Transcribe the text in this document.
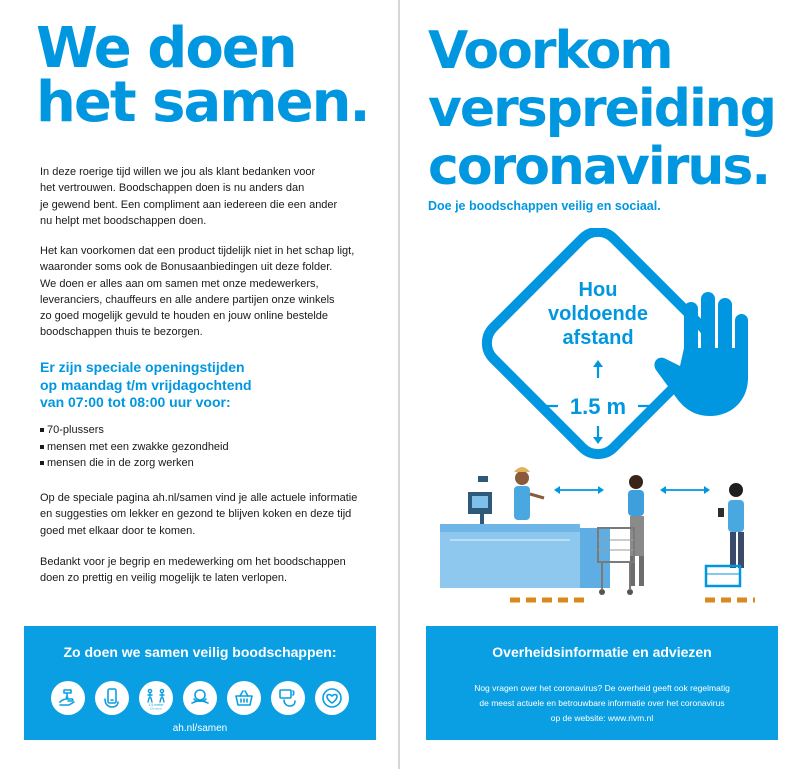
We doen
het samen.
In deze roerige tijd willen we jou als klant bedanken voor
het vertrouwen. Boodschappen doen is nu anders dan
je gewend bent. Een compliment aan iedereen die een ander
nu helpt met boodschappen doen.
Het kan voorkomen dat een product tijdelijk niet in het schap ligt,
waaronder soms ook de Bonusaanbiedingen uit deze folder.
We doen er alles aan om samen met onze medewerkers,
leveranciers, chauffeurs en alle andere partijen onze winkels
zo goed mogelijk gevuld te houden en jouw online bestelde
boodschappen thuis te bezorgen.
Er zijn speciale openingstijden
op maandag t/m vrijdagochtend
van 07:00 tot 08:00 uur voor:
70-plussers
mensen met een zwakke gezondheid
mensen die in de zorg werken
Op de speciale pagina ah.nl/samen vind je alle actuele informatie
en suggesties om lekker en gezond te blijven koken en deze tijd
goed met elkaar door te komen.
Bedankt voor je begrip en medewerking om het boodschappen
doen zo prettig en veilig mogelijk te laten verlopen.
Zo doen we samen veilig boodschappen:
1,5 meter
(2x arm)
ah.nl/samen
Voorkom
verspreiding
coronavirus.
Doe je boodschappen veilig en sociaal.
Hou
voldoende
afstand
1.5 m
Overheidsinformatie en adviezen
Nog vragen over het coronavirus? De overheid geeft ook regelmatig
de meest actuele en betrouwbare informatie over het coronavirus
op de website: www.rivm.nl
